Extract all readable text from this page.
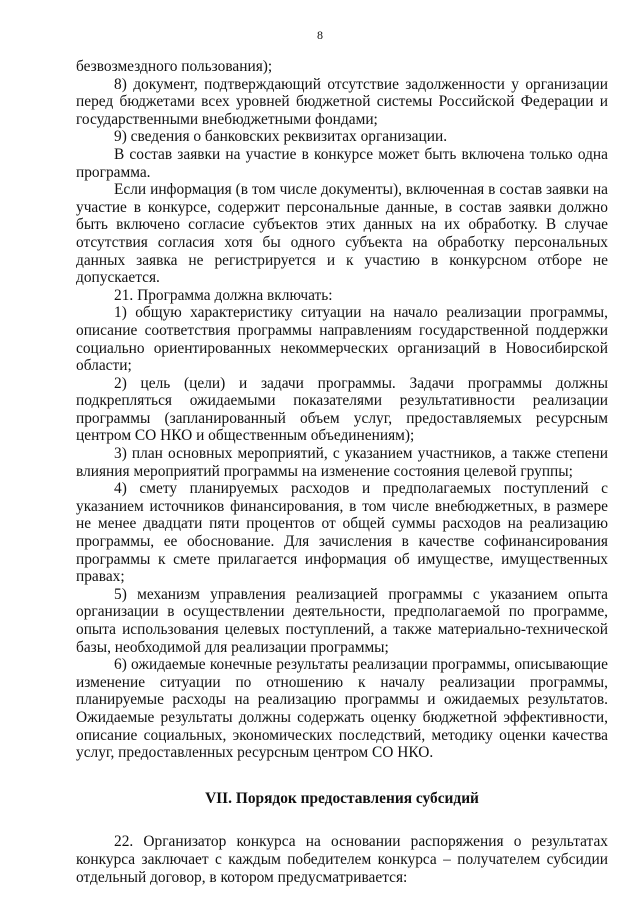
8

безвозмездного пользования);

8) документ, подтверждающий отсутствие задолженности у организации перед бюджетами всех уровней бюджетной системы Российской Федерации и государственными внебюджетными фондами;

9) сведения о банковских реквизитах организации.

В состав заявки на участие в конкурсе может быть включена только одна программа.

Если информация (в том числе документы), включенная в состав заявки на участие в конкурсе, содержит персональные данные, в состав заявки должно быть включено согласие субъектов этих данных на их обработку. В случае отсутствия согласия хотя бы одного субъекта на обработку персональных данных заявка не регистрируется и к участию в конкурсном отборе не допускается.

21. Программа должна включать:

1) общую характеристику ситуации на начало реализации программы, описание соответствия программы направлениям государственной поддержки социально ориентированных некоммерческих организаций в Новосибирской области;

2) цель (цели) и задачи программы. Задачи программы должны подкрепляться ожидаемыми показателями результативности реализации программы (запланированный объем услуг, предоставляемых ресурсным центром СО НКО и общественным объединениям);

3) план основных мероприятий, с указанием участников, а также степени влияния мероприятий программы на изменение состояния целевой группы;

4) смету планируемых расходов и предполагаемых поступлений с указанием источников финансирования, в том числе внебюджетных, в размере не менее двадцати пяти процентов от общей суммы расходов на реализацию программы, ее обоснование. Для зачисления в качестве софинансирования программы к смете прилагается информация об имуществе, имущественных правах;

5) механизм управления реализацией программы с указанием опыта организации в осуществлении деятельности, предполагаемой по программе, опыта использования целевых поступлений, а также материально-технической базы, необходимой для реализации программы;

6) ожидаемые конечные результаты реализации программы, описывающие изменение ситуации по отношению к началу реализации программы, планируемые расходы на реализацию программы и ожидаемых результатов. Ожидаемые результаты должны содержать оценку бюджетной эффективности, описание социальных, экономических последствий, методику оценки качества услуг, предоставленных ресурсным центром СО НКО.

VII. Порядок предоставления субсидий

22. Организатор конкурса на основании распоряжения о результатах конкурса заключает с каждым победителем конкурса – получателем субсидии отдельный договор, в котором предусматривается:
